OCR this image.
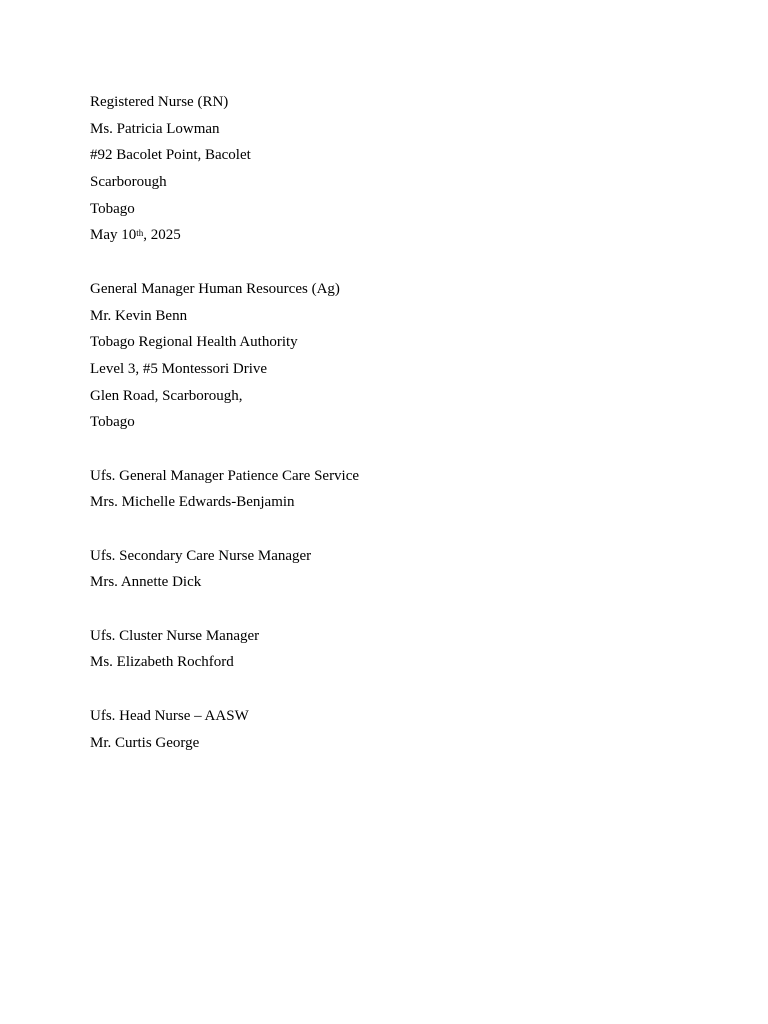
Registered Nurse (RN)
Ms. Patricia Lowman
#92 Bacolet Point, Bacolet
Scarborough
Tobago
May 10th, 2025
General Manager Human Resources (Ag)
Mr. Kevin Benn
Tobago Regional Health Authority
Level 3, #5 Montessori Drive
Glen Road, Scarborough,
Tobago
Ufs. General Manager Patience Care Service
Mrs. Michelle Edwards-Benjamin
Ufs. Secondary Care Nurse Manager
Mrs. Annette Dick
Ufs. Cluster Nurse Manager
Ms. Elizabeth Rochford
Ufs. Head Nurse – AASW
Mr. Curtis George
